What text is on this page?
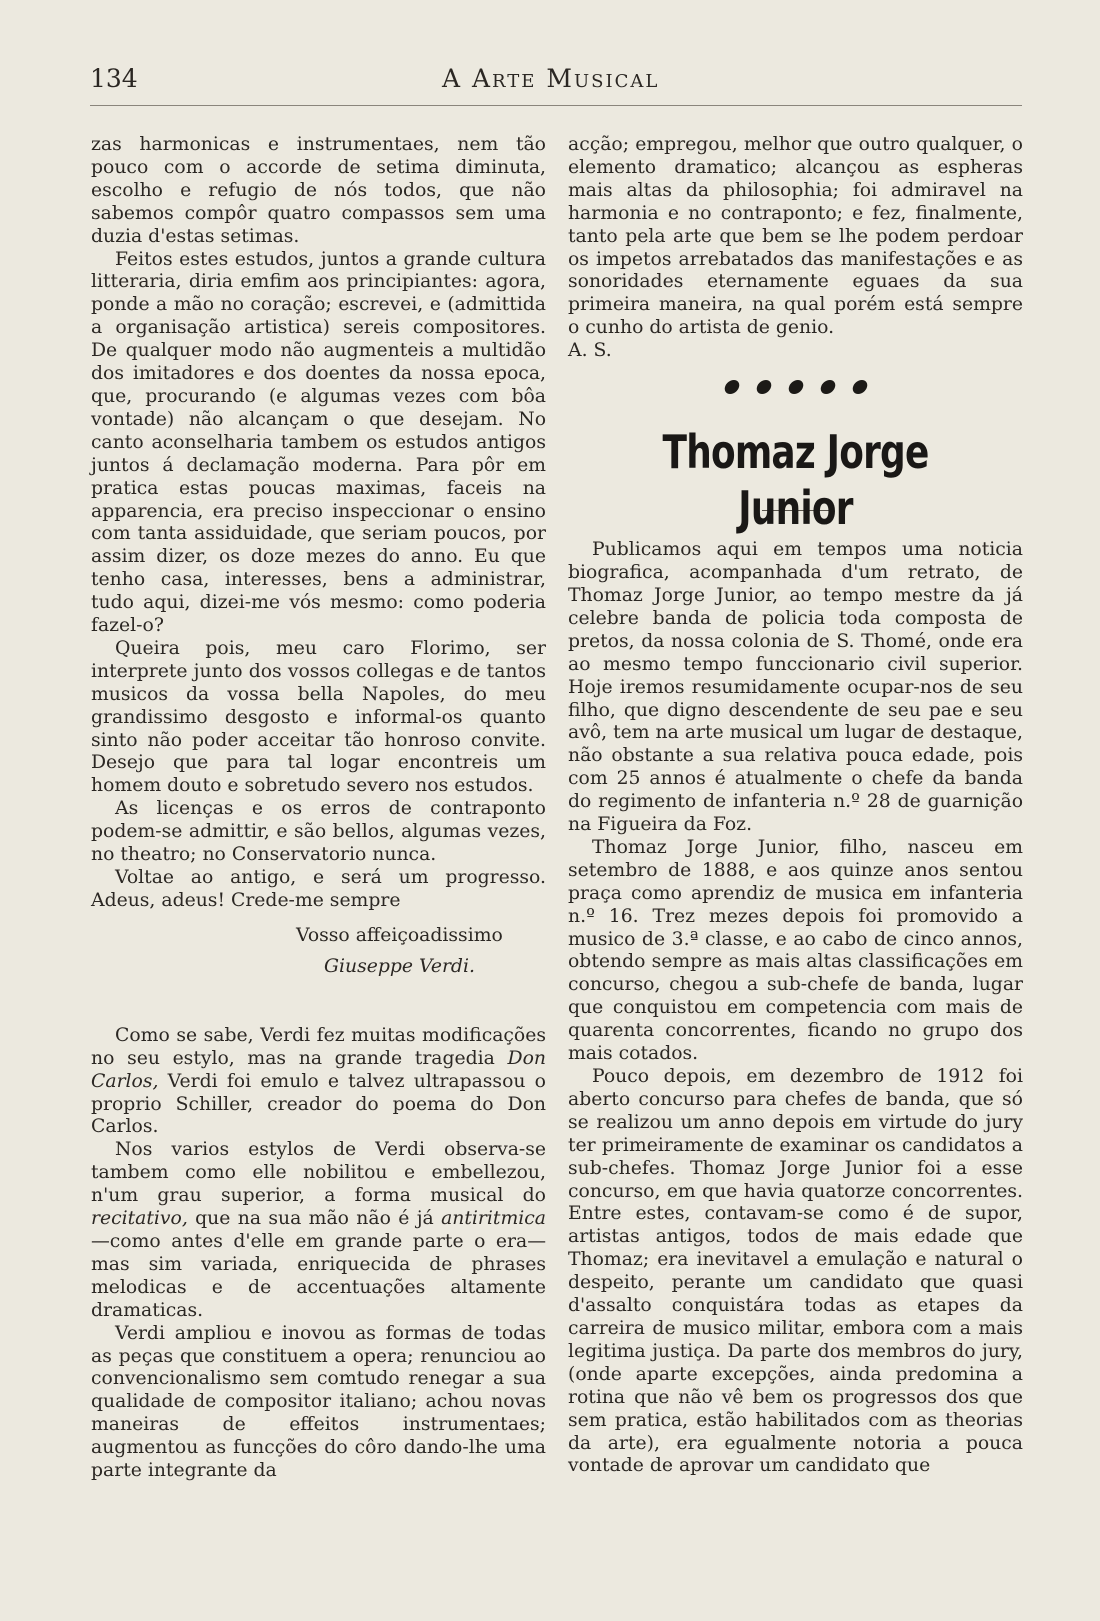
134	A Arte Musical

zas harmonicas e instrumentaes, nem tão pouco com o accorde de setima diminuta, escolho e refugio de nós todos, que não sabemos compôr quatro compassos sem uma duzia d'estas setimas.

Feitos estes estudos, juntos a grande cultura litteraria, diria emfim aos principiantes: agora, ponde a mão no coração; escrevei, e (admittida a organisação artistica) sereis compositores. De qualquer modo não augmenteis a multidão dos imitadores e dos doentes da nossa epoca, que, procurando (e algumas vezes com bôa vontade) não alcançam o que desejam. No canto aconselharia tambem os estudos antigos juntos á declamação moderna. Para pôr em pratica estas poucas maximas, faceis na apparencia, era preciso inspeccionar o ensino com tanta assiduidade, que seriam poucos, por assim dizer, os doze mezes do anno. Eu que tenho casa, interesses, bens a administrar, tudo aqui, dizei-me vós mesmo: como poderia fazel-o?

Queira pois, meu caro Florimo, ser interprete junto dos vossos collegas e de tantos musicos da vossa bella Napoles, do meu grandissimo desgosto e informal-os quanto sinto não poder acceitar tão honroso convite. Desejo que para tal logar encontreis um homem douto e sobretudo severo nos estudos.

As licenças e os erros de contraponto podem-se admittir, e são bellos, algumas vezes, no theatro; no Conservatorio nunca.

Voltae ao antigo, e será um progresso. Adeus, adeus! Crede-me sempre

Vosso affeiçoadissimo
Giuseppe Verdi.

Como se sabe, Verdi fez muitas modificações no seu estylo, mas na grande tragedia Don Carlos, Verdi foi emulo e talvez ultrapassou o proprio Schiller, creador do poema do Don Carlos.

Nos varios estylos de Verdi observa-se tambem como elle nobilitou e embellezou, n'um grau superior, a forma musical do recitativo, que na sua mão não é já antiritmica—como antes d'elle em grande parte o era—mas sim variada, enriquecida de phrases melodicas e de accentuações altamente dramaticas.

Verdi ampliou e inovou as formas de todas as peças que constituem a opera; renunciou ao convencionalismo sem comtudo renegar a sua qualidade de compositor italiano; achou novas maneiras de effeitos instrumentaes; augmentou as funcções do côro dando-lhe uma parte integrante da

acção; empregou, melhor que outro qualquer, o elemento dramatico; alcançou as espheras mais altas da philosophia; foi admiravel na harmonia e no contraponto; e fez, finalmente, tanto pela arte que bem se lhe podem perdoar os impetos arrebatados das manifestações e as sonoridades eternamente eguaes da sua primeira maneira, na qual porém está sempre o cunho do artista de genio.

A. S.

Thomaz Jorge Junior

Publicamos aqui em tempos uma noticia biografica, acompanhada d'um retrato, de Thomaz Jorge Junior, ao tempo mestre da já celebre banda de policia toda composta de pretos, da nossa colonia de S. Thomé, onde era ao mesmo tempo funccionario civil superior. Hoje iremos resumidamente ocupar-nos de seu filho, que digno descendente de seu pae e seu avô, tem na arte musical um lugar de destaque, não obstante a sua relativa pouca edade, pois com 25 annos é atualmente o chefe da banda do regimento de infanteria n.º 28 de guarnição na Figueira da Foz.

Thomaz Jorge Junior, filho, nasceu em setembro de 1888, e aos quinze anos sentou praça como aprendiz de musica em infanteria n.º 16. Trez mezes depois foi promovido a musico de 3.ª classe, e ao cabo de cinco annos, obtendo sempre as mais altas classificações em concurso, chegou a sub-chefe de banda, lugar que conquistou em competencia com mais de quarenta concorrentes, ficando no grupo dos mais cotados.

Pouco depois, em dezembro de 1912 foi aberto concurso para chefes de banda, que só se realizou um anno depois em virtude do jury ter primeiramente de examinar os candidatos a sub-chefes. Thomaz Jorge Junior foi a esse concurso, em que havia quatorze concorrentes. Entre estes, contavam-se como é de supor, artistas antigos, todos de mais edade que Thomaz; era inevitavel a emulação e natural o despeito, perante um candidato que quasi d'assalto conquistára todas as etapes da carreira de musico militar, embora com a mais legitima justiça. Da parte dos membros do jury, (onde aparte excepções, ainda predomina a rotina que não vê bem os progressos dos que sem pratica, estão habilitados com as theorias da arte), era egualmente notoria a pouca vontade de aprovar um candidato que
